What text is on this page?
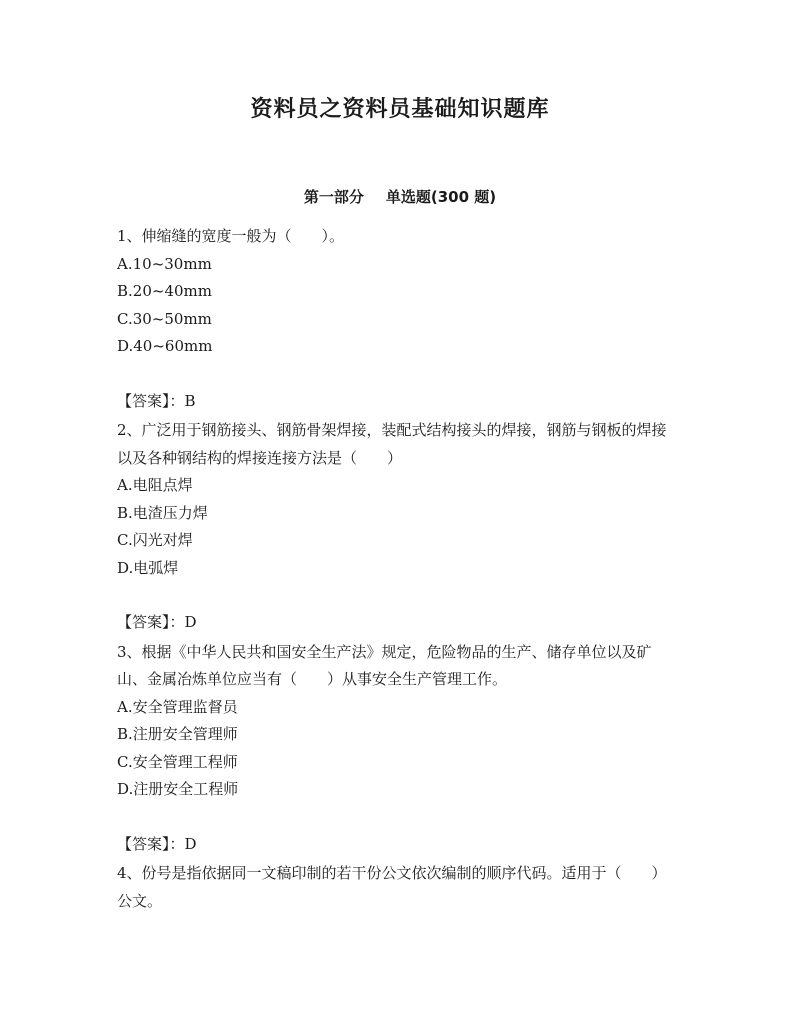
资料员之资料员基础知识题库
第一部分 单选题(300 题)

1、伸缩缝的宽度一般为（　　）。

A.10~30mm

B.20~40mm

C.30~50mm

D.40~60mm

【答案】：B

2、广泛用于钢筋接头、钢筋骨架焊接，装配式结构接头的焊接，钢筋与钢板的焊接以及各种钢结构的焊接连接方法是（　　）

A.电阻点焊

B.电渣压力焊

C.闪光对焊

D.电弧焊

【答案】：D

3、根据《中华人民共和国安全生产法》规定，危险物品的生产、储存单位以及矿山、金属冶炼单位应当有（　　）从事安全生产管理工作。

A.安全管理监督员

B.注册安全管理师

C.安全管理工程师

D.注册安全工程师

【答案】：D

4、份号是指依据同一文稿印制的若干份公文依次编制的顺序代码。适用于（　　）公文。
